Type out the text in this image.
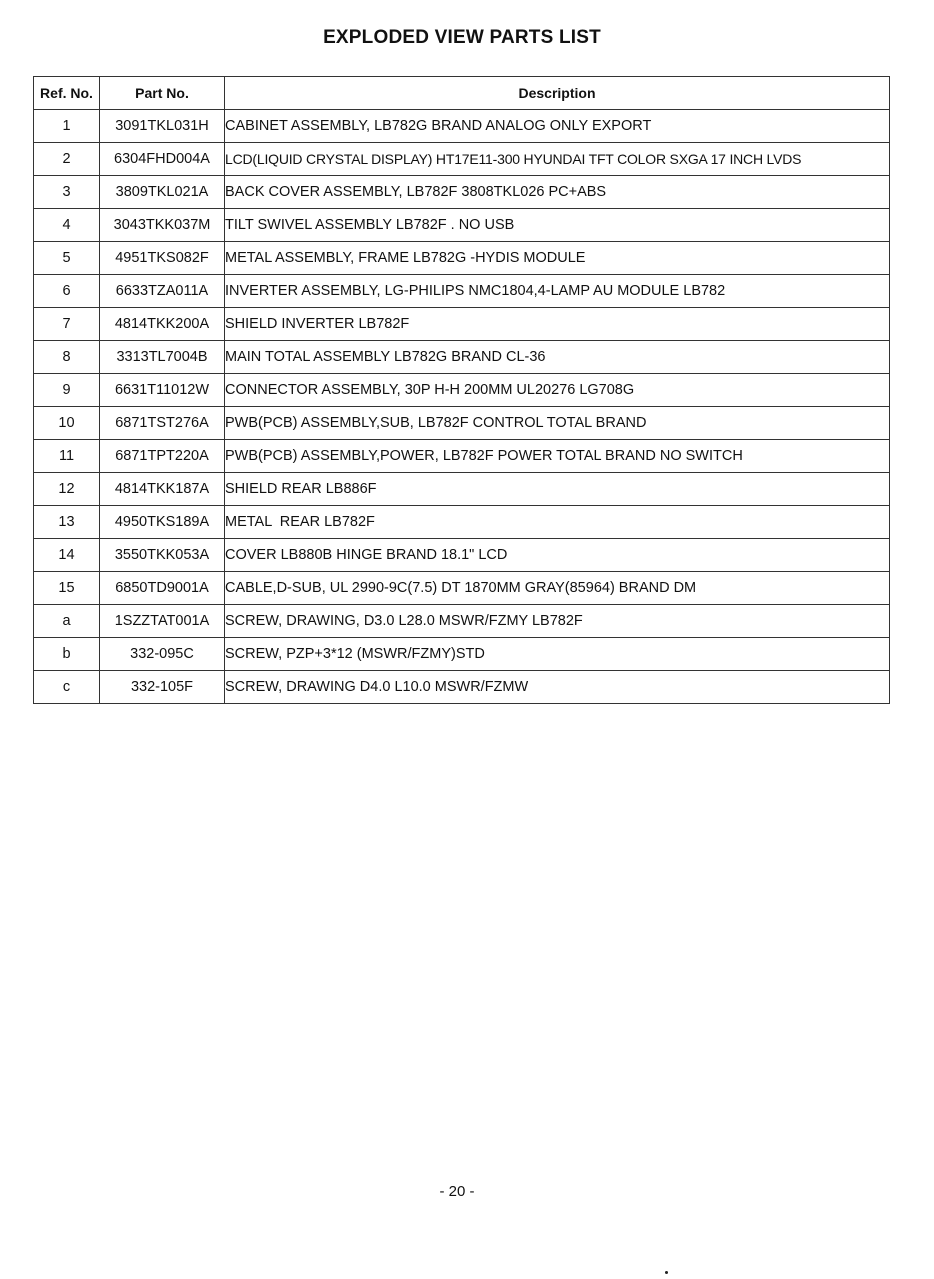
EXPLODED VIEW PARTS LIST
Ref. No.	Part No.	Description
1	3091TKL031H	CABINET ASSEMBLY, LB782G BRAND ANALOG ONLY EXPORT
2	6304FHD004A	LCD(LIQUID CRYSTAL DISPLAY) HT17E11-300 HYUNDAI TFT COLOR SXGA 17 INCH LVDS
3	3809TKL021A	BACK COVER ASSEMBLY, LB782F 3808TKL026 PC+ABS
4	3043TKK037M	TILT SWIVEL ASSEMBLY LB782F . NO USB
5	4951TKS082F	METAL ASSEMBLY, FRAME LB782G -HYDIS MODULE
6	6633TZA011A	INVERTER ASSEMBLY, LG-PHILIPS NMC1804,4-LAMP AU MODULE LB782
7	4814TKK200A	SHIELD INVERTER LB782F
8	3313TL7004B	MAIN TOTAL ASSEMBLY LB782G BRAND CL-36
9	6631T11012W	CONNECTOR ASSEMBLY, 30P H-H 200MM UL20276 LG708G
10	6871TST276A	PWB(PCB) ASSEMBLY,SUB, LB782F CONTROL TOTAL BRAND
11	6871TPT220A	PWB(PCB) ASSEMBLY,POWER, LB782F POWER TOTAL BRAND NO SWITCH
12	4814TKK187A	SHIELD REAR LB886F
13	4950TKS189A	METAL  REAR LB782F
14	3550TKK053A	COVER LB880B HINGE BRAND 18.1" LCD
15	6850TD9001A	CABLE,D-SUB, UL 2990-9C(7.5) DT 1870MM GRAY(85964) BRAND DM
a	1SZZTAT001A	SCREW, DRAWING, D3.0 L28.0 MSWR/FZMY LB782F
b	332-095C	SCREW, PZP+3*12 (MSWR/FZMY)STD
c	332-105F	SCREW, DRAWING D4.0 L10.0 MSWR/FZMW
- 20 -
